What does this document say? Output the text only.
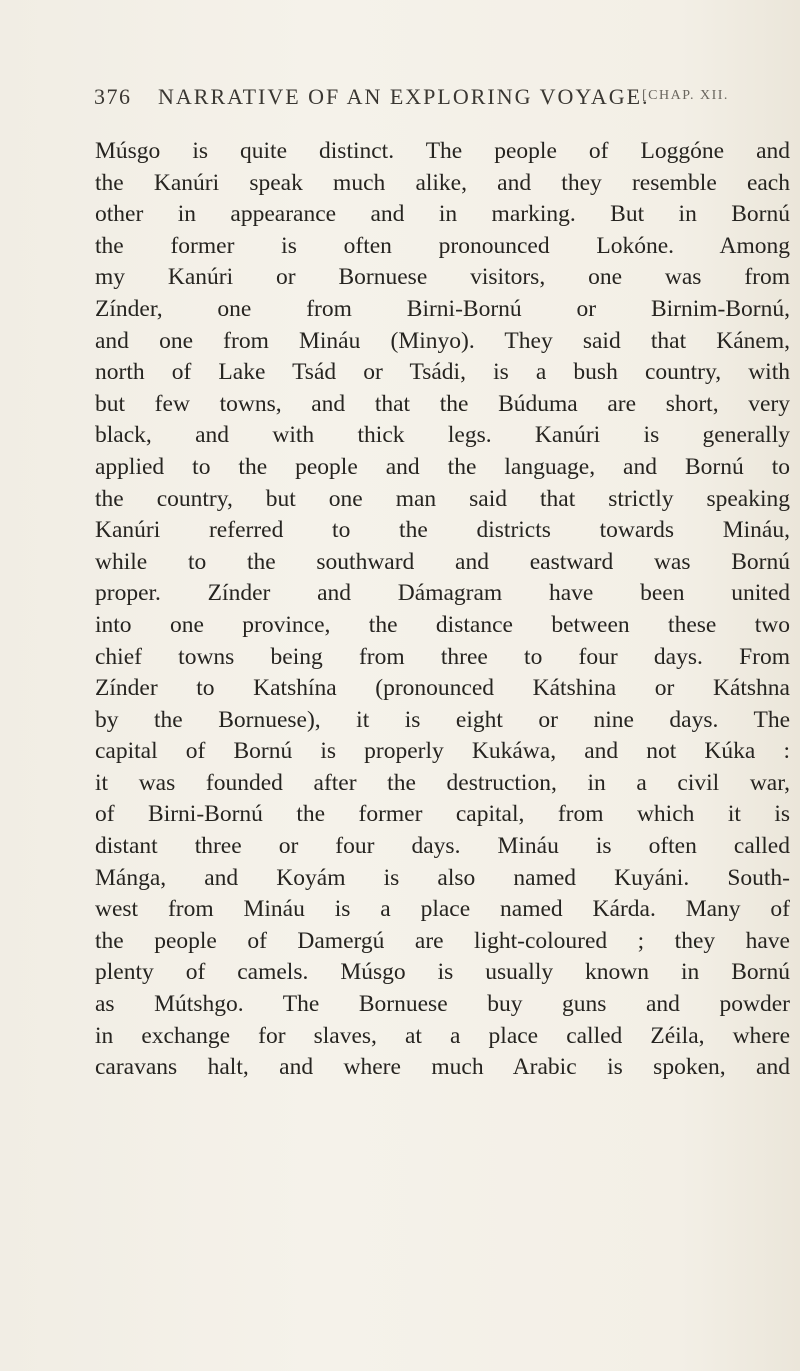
376 NARRATIVE OF AN EXPLORING VOYAGE.
[CHAP. XII.
Músgo is quite distinct. The people of Loggóne and
the Kanúri speak much alike, and they resemble each
other in appearance and in marking. But in Bornú
the former is often pronounced Lokóne. Among
my Kanúri or Bornuese visitors, one was from
Zínder, one from Birni-Bornú or Birnim-Bornú,
and one from Mináu (Minyo). They said that Kánem,
north of Lake Tsád or Tsádi, is a bush country, with
but few towns, and that the Búduma are short, very
black, and with thick legs. Kanúri is generally
applied to the people and the language, and Bornú to
the country, but one man said that strictly speaking
Kanúri referred to the districts towards Mináu,
while to the southward and eastward was Bornú
proper. Zínder and Dámagram have been united
into one province, the distance between these two
chief towns being from three to four days. From
Zínder to Katshína (pronounced Kátshina or Kátshna
by the Bornuese), it is eight or nine days. The
capital of Bornú is properly Kukáwa, and not Kúka :
it was founded after the destruction, in a civil war,
of Birni-Bornú the former capital, from which it is
distant three or four days. Mináu is often called
Mánga, and Koyám is also named Kuyáni. South-
west from Mináu is a place named Kárda. Many of
the people of Damergú are light-coloured ; they have
plenty of camels. Músgo is usually known in Bornú
as Mútshgo. The Bornuese buy guns and powder
in exchange for slaves, at a place called Zéila, where
caravans halt, and where much Arabic is spoken, and
